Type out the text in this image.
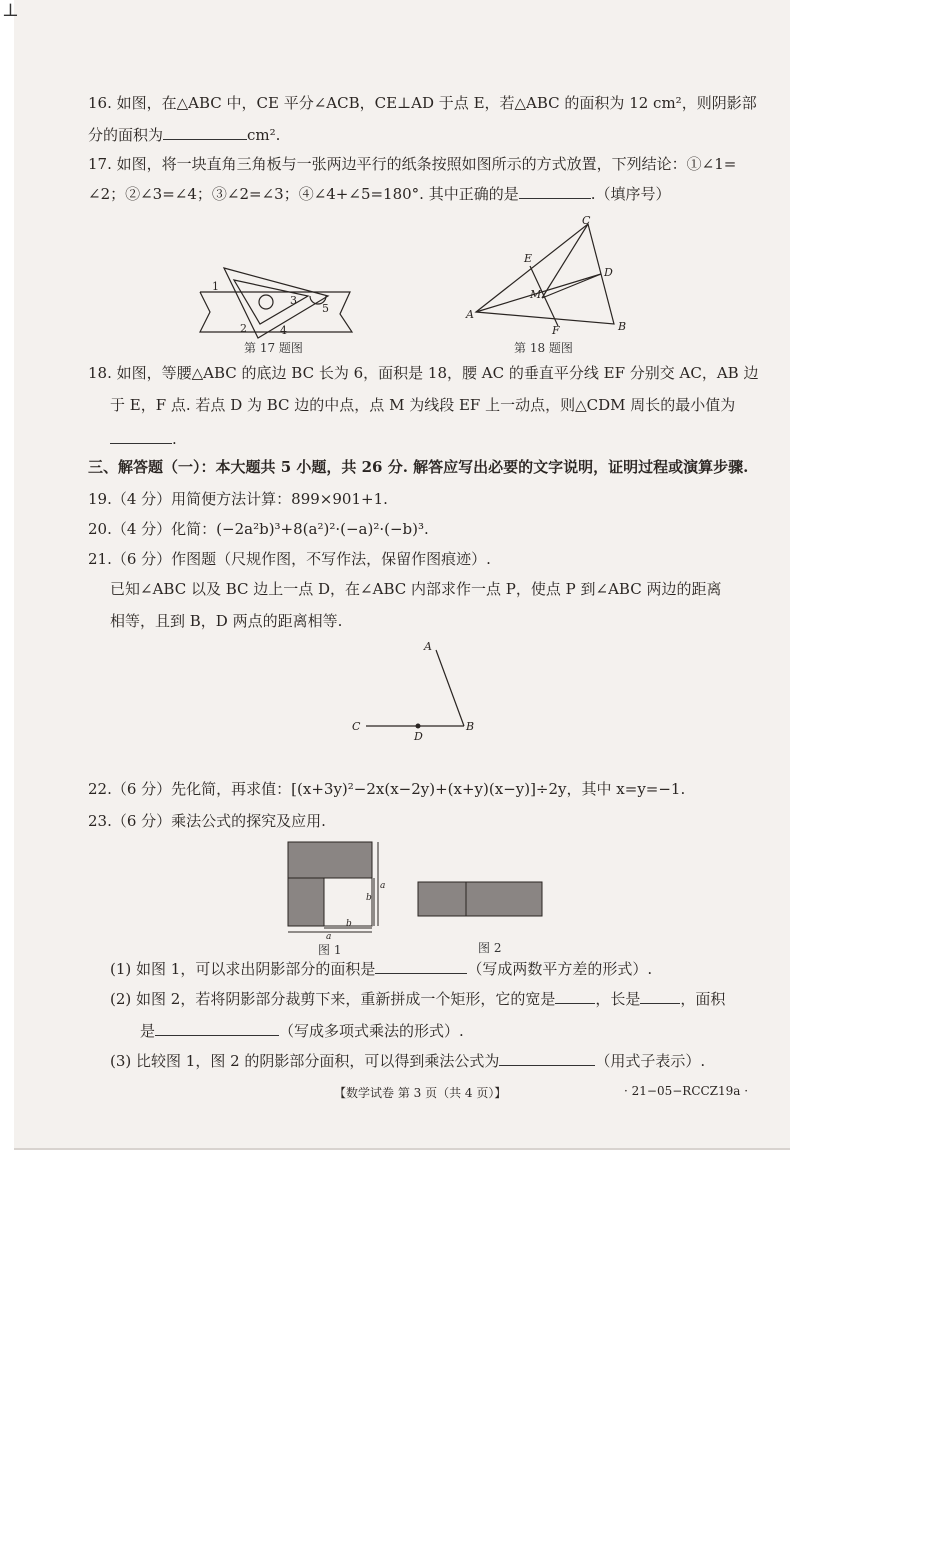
⊥
16. 如图，在△ABC 中，CE 平分∠ACB，CE⊥AD 于点 E，若△ABC 的面积为 12 cm²，则阴影部
分的面积为	cm².
17. 如图，将一块直角三角板与一张两边平行的纸条按照如图所示的方式放置，下列结论：①∠1=
∠2；②∠3=∠4；③∠2=∠3；④∠4+∠5=180°. 其中正确的是	.（填序号）
1
2
3
4
5
第 17 题图
C
E
D
M
A
F	B
第 18 题图
18. 如图，等腰△ABC 的底边 BC 长为 6，面积是 18，腰 AC 的垂直平分线 EF 分别交 AC，AB 边
于 E，F 点. 若点 D 为 BC 边的中点，点 M 为线段 EF 上一动点，则△CDM 周长的最小值为
.
三、解答题（一）：本大题共 5 小题，共 26 分. 解答应写出必要的文字说明，证明过程或演算步骤.
19.（4 分）用简便方法计算：899×901+1.
20.（4 分）化简：(−2a²b)³+8(a²)²·(−a)²·(−b)³.
21.（6 分）作图题（尺规作图，不写作法，保留作图痕迹）.
已知∠ABC 以及 BC 边上一点 D，在∠ABC 内部求作一点 P，使点 P 到∠ABC 两边的距离
相等，且到 B，D 两点的距离相等.
A
C
D
B
22.（6 分）先化简，再求值：[(x+3y)²−2x(x−2y)+(x+y)(x−y)]÷2y，其中 x=y=−1.
23.（6 分）乘法公式的探究及应用.
a
b
b
a
图 1	图 2
(1) 如图 1，可以求出阴影部分的面积是	（写成两数平方差的形式）.
(2) 如图 2，若将阴影部分裁剪下来，重新拼成一个矩形，它的宽是	，长是	，面积
是	（写成多项式乘法的形式）.
(3) 比较图 1，图 2 的阴影部分面积，可以得到乘法公式为	（用式子表示）.
【数学试卷 第 3 页（共 4 页）】	· 21−05−RCCZ19a ·
